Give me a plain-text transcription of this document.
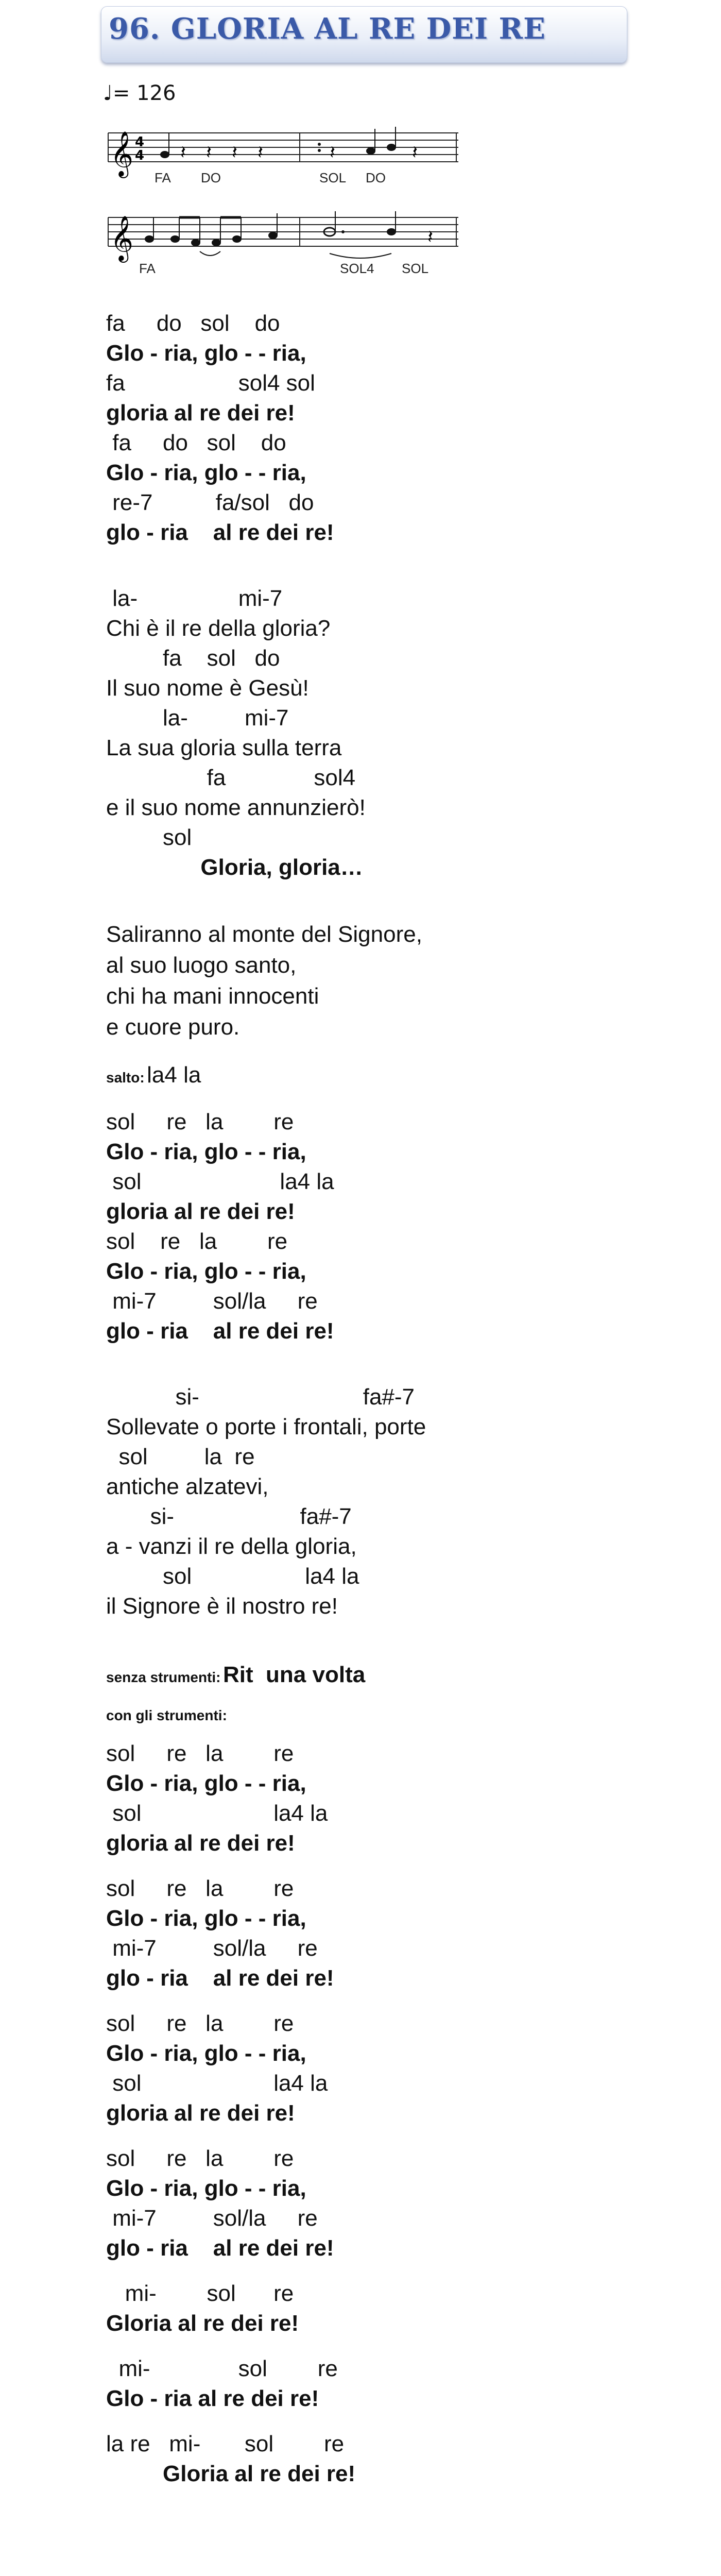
96. GLORIA AL RE DEI RE
♩= 126
𝄞 4
4 𝄽 𝄽 𝄽 𝄽	𝄽	𝄽
FA DO	SOL DO
𝄞	𝄽
FA	SOL4 SOL
fa     do   sol    do
Glo - ria, glo - - ria,
fa                  sol4 sol
gloria al re dei re!
fa     do   sol    do
Glo - ria, glo - - ria,
re-7          fa/sol   do
glo - ria    al re dei re!
la-                mi-7
Chi è il re della gloria?
fa    sol   do
Il suo nome è Gesù!
la-         mi-7
La sua gloria sulla terra
fa              sol4
e il suo nome annunzierò!
sol
Gloria, gloria…
Saliranno al monte del Signore,
al suo luogo santo,
chi ha mani innocenti
e cuore puro.
salto: la4 la
sol     re   la        re
Glo - ria, glo - - ria,
sol                      la4 la
gloria al re dei re!
sol    re   la        re
Glo - ria, glo - - ria,
mi-7         sol/la     re
glo - ria    al re dei re!
si-                          fa#-7
Sollevate o porte i frontali, porte
sol         la  re
antiche alzatevi,
si-                    fa#-7
a - vanzi il re della gloria,
sol                  la4 la
il Signore è il nostro re!
senza strumenti: Rit  una volta
con gli strumenti:
sol     re   la        re
Glo - ria, glo - - ria,
sol                     la4 la
gloria al re dei re!
sol     re   la        re
Glo - ria, glo - - ria,
mi-7         sol/la     re
glo - ria    al re dei re!
sol     re   la        re
Glo - ria, glo - - ria,
sol                     la4 la
gloria al re dei re!
sol     re   la        re
Glo - ria, glo - - ria,
mi-7         sol/la     re
glo - ria    al re dei re!
mi-        sol      re
Gloria al re dei re!
mi-              sol        re
Glo - ria al re dei re!
la re   mi-       sol        re
Gloria al re dei re!
